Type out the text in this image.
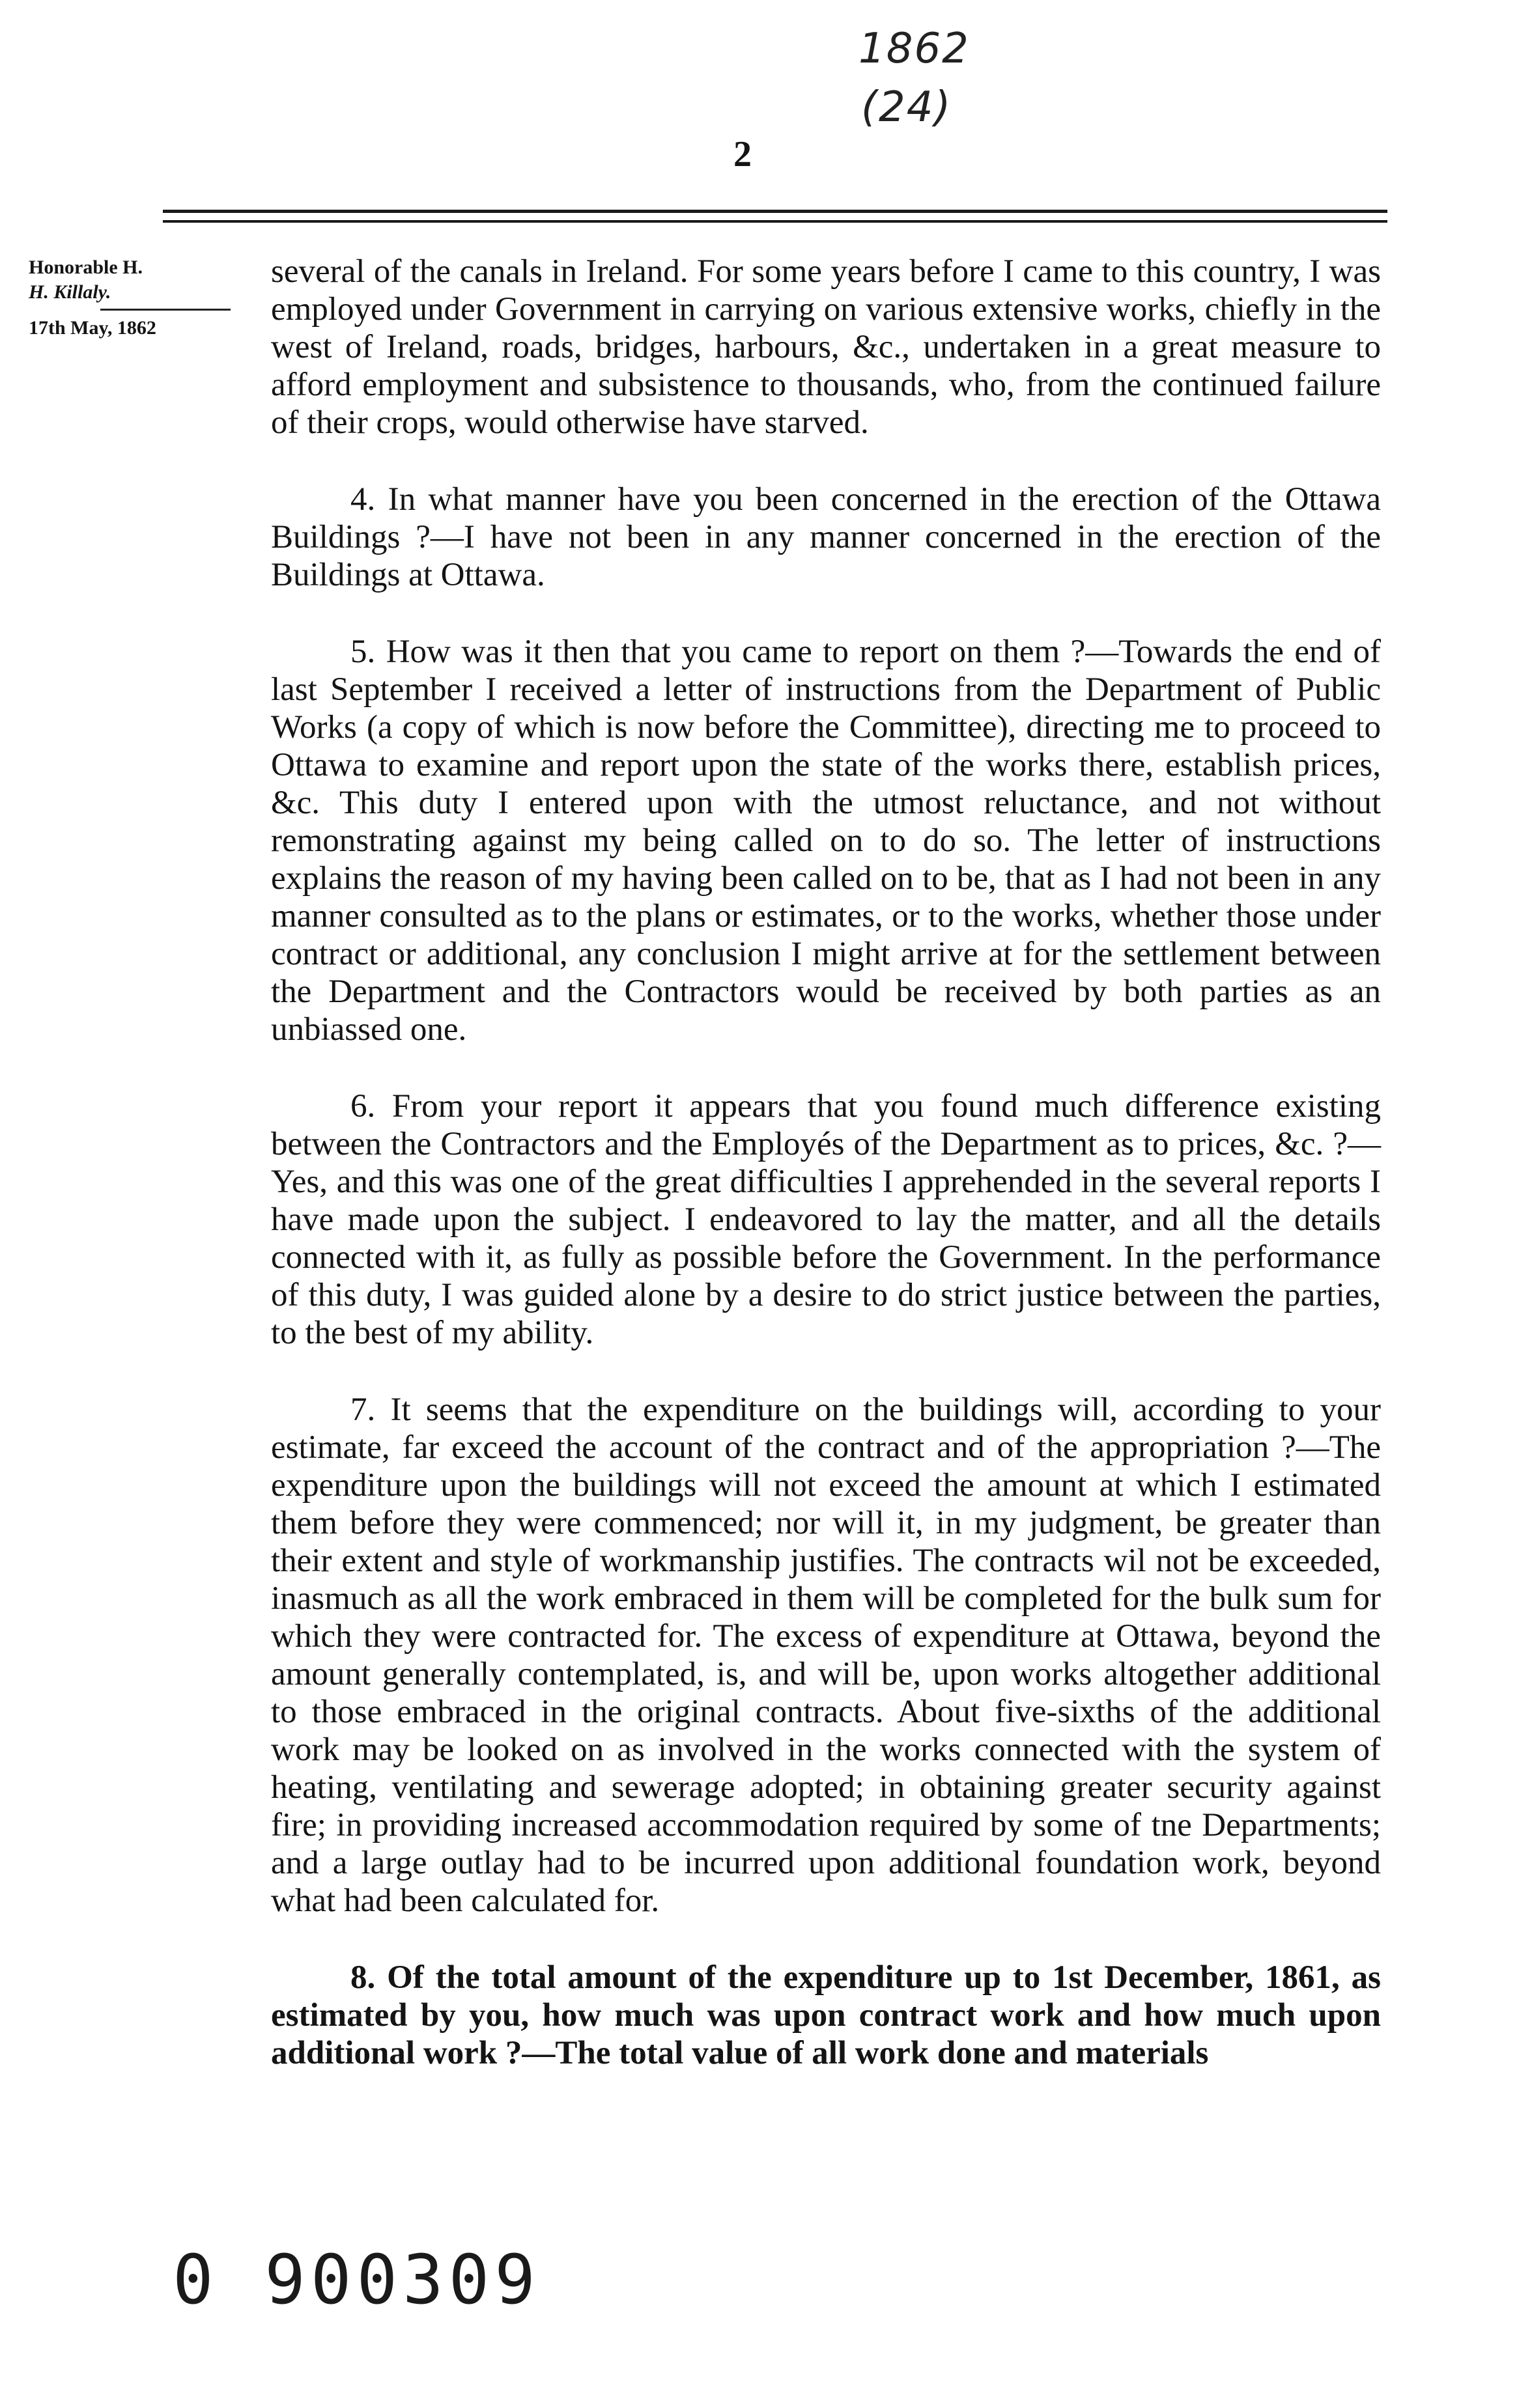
1862
(24)
2
Honorable H.
H. Killaly.
17th May, 1862

several of the canals in Ireland. For some years before I came to this country, I was employed under Government in carrying on various extensive works, chiefly in the west of Ireland, roads, bridges, harbours, &c., undertaken in a great measure to afford employment and subsistence to thousands, who, from the continued failure of their crops, would otherwise have starved.

4. In what manner have you been concerned in the erection of the Ottawa Buildings ?—I have not been in any manner concerned in the erection of the Buildings at Ottawa.

5. How was it then that you came to report on them ?—Towards the end of last September I received a letter of instructions from the Department of Public Works (a copy of which is now before the Committee), directing me to proceed to Ottawa to examine and report upon the state of the works there, establish prices, &c. This duty I entered upon with the utmost reluctance, and not without remonstrating against my being called on to do so. The letter of instructions explains the reason of my having been called on to be, that as I had not been in any manner consulted as to the plans or estimates, or to the works, whether those under contract or additional, any conclusion I might arrive at for the settlement between the Department and the Contractors would be received by both parties as an unbiassed one.

6. From your report it appears that you found much difference existing between the Contractors and the Employés of the Department as to prices, &c. ?—Yes, and this was one of the great difficulties I apprehended in the several reports I have made upon the subject. I endeavored to lay the matter, and all the details connected with it, as fully as possible before the Government. In the performance of this duty, I was guided alone by a desire to do strict justice between the parties, to the best of my ability.

7. It seems that the expenditure on the buildings will, according to your estimate, far exceed the account of the contract and of the appropriation ?—The expenditure upon the buildings will not exceed the amount at which I estimated them before they were commenced; nor will it, in my judgment, be greater than their extent and style of workmanship justifies. The contracts wil not be exceeded, inasmuch as all the work embraced in them will be completed for the bulk sum for which they were contracted for. The excess of expenditure at Ottawa, beyond the amount generally contemplated, is, and will be, upon works altogether additional to those embraced in the original contracts. About five-sixths of the additional work may be looked on as involved in the works connected with the system of heating, ventilating and sewerage adopted; in obtaining greater security against fire; in providing increased accommodation required by some of tne Departments; and a large outlay had to be incurred upon additional foundation work, beyond what had been calculated for.

8. Of the total amount of the expenditure up to 1st December, 1861, as estimated by you, how much was upon contract work and how much upon additional work ?—The total value of all work done and materials

0 900309
